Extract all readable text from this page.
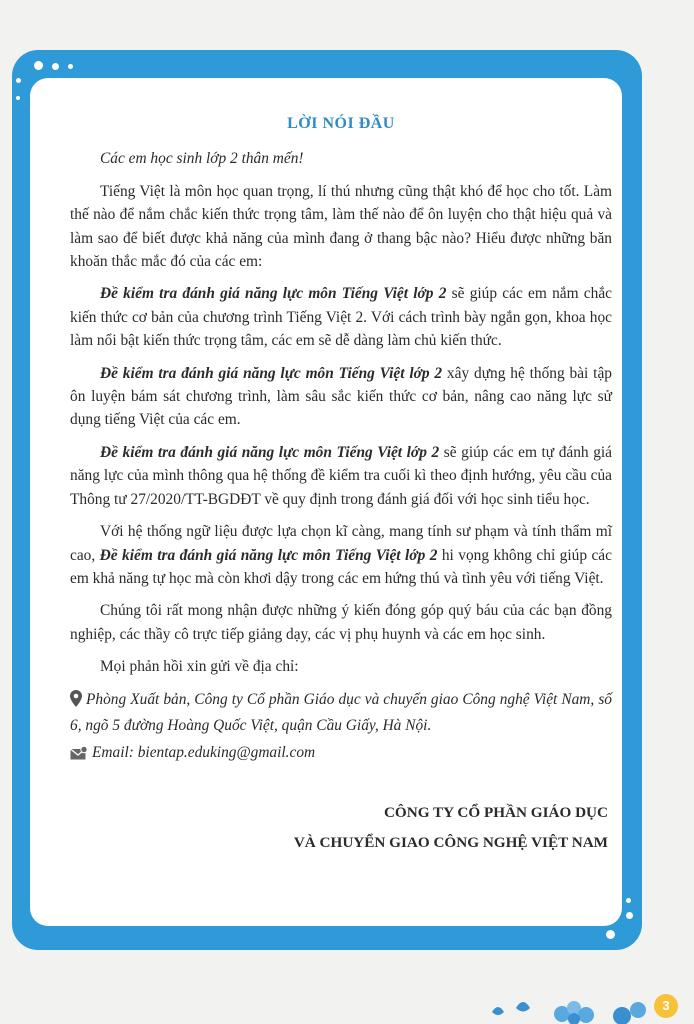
LỜI NÓI ĐẦU

Các em học sinh lớp 2 thân mến!

Tiếng Việt là môn học quan trọng, lí thú nhưng cũng thật khó để học cho tốt. Làm thế nào để nắm chắc kiến thức trọng tâm, làm thế nào để ôn luyện cho thật hiệu quả và làm sao để biết được khả năng của mình đang ở thang bậc nào? Hiểu được những băn khoăn thắc mắc đó của các em:

Đề kiểm tra đánh giá năng lực môn Tiếng Việt lớp 2 sẽ giúp các em nắm chắc kiến thức cơ bản của chương trình Tiếng Việt 2. Với cách trình bày ngắn gọn, khoa học làm nổi bật kiến thức trọng tâm, các em sẽ dễ dàng làm chủ kiến thức.

Đề kiểm tra đánh giá năng lực môn Tiếng Việt lớp 2 xây dựng hệ thống bài tập ôn luyện bám sát chương trình, làm sâu sắc kiến thức cơ bản, nâng cao năng lực sử dụng tiếng Việt của các em.

Đề kiểm tra đánh giá năng lực môn Tiếng Việt lớp 2 sẽ giúp các em tự đánh giá năng lực của mình thông qua hệ thống đề kiểm tra cuối kì theo định hướng, yêu cầu của Thông tư 27/2020/TT-BGDĐT về quy định trong đánh giá đối với học sinh tiểu học.

Với hệ thống ngữ liệu được lựa chọn kĩ càng, mang tính sư phạm và tính thẩm mĩ cao, Đề kiểm tra đánh giá năng lực môn Tiếng Việt lớp 2 hi vọng không chỉ giúp các em khả năng tự học mà còn khơi dậy trong các em hứng thú và tình yêu với tiếng Việt.

Chúng tôi rất mong nhận được những ý kiến đóng góp quý báu của các bạn đồng nghiệp, các thầy cô trực tiếp giảng dạy, các vị phụ huynh và các em học sinh.

Mọi phản hồi xin gửi về địa chỉ:

Phòng Xuất bản, Công ty Cổ phần Giáo dục và chuyển giao Công nghệ Việt Nam, số 6, ngõ 5 đường Hoàng Quốc Việt, quận Cầu Giấy, Hà Nội.
Email: bientap.eduking@gmail.com
CÔNG TY CỔ PHẦN GIÁO DỤC
VÀ CHUYỂN GIAO CÔNG NGHỆ VIỆT NAM
3
